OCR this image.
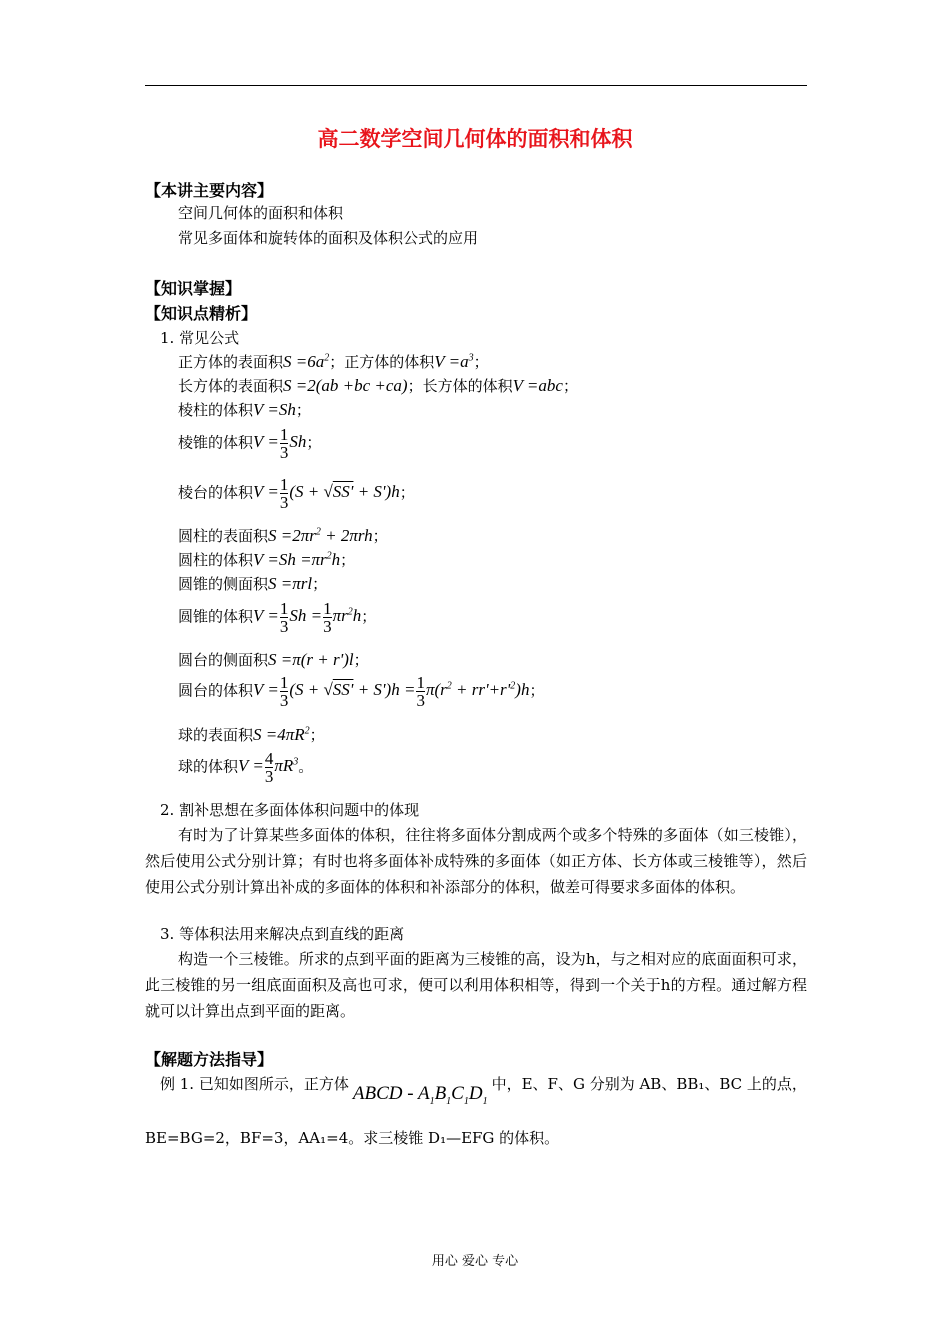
高二数学空间几何体的面积和体积
【本讲主要内容】
空间几何体的面积和体积
常见多面体和旋转体的面积及体积公式的应用
【知识掌握】
【知识点精析】
1. 常见公式
正方体的表面积$S =6a^2$；正方体的体积$V =a^3$；
长方体的表面积S =2(ab +bc +ca)；长方体的体积V =abc；
棱柱的体积V =Sh；
棱锥的体积$V = \frac{1}{3}$ Sh；
棱台的体积$V = \frac{1}{3} (S + √SS' + S')h$；
圆柱的表面积$S =2\pi r^2 + 2\pi rh$；
圆柱的体积$V =Sh =\pi r^2h$；
圆锥的侧面积S =πrl；
圆锥的体积$V = \frac{1}{3}$ $Sh = \frac{1}{3} \pi r^2h$；
圆台的侧面积S =π(r + r')l；
圆台的体积$V = \frac{1}{3} (S + √SS' + S')h = \frac{1}{3} \pi(r^2 + rr'+r'^2)h$；
球的表面积$S =4\pi R^2$；
球的体积$V = \frac{4}{3} \pi R^3$。
2. 割补思想在多面体体积问题中的体现
有时为了计算某些多面体的体积，往往将多面体分割成两个或多个特殊的多面体（如三棱锥），然后使用公式分别计算；有时也将多面体补成特殊的多面体（如正方体、长方体或三棱锥等），然后使用公式分别计算出补成的多面体的体积和补添部分的体积，做差可得要求多面体的体积。
3. 等体积法用来解决点到直线的距离
构造一个三棱锥。所求的点到平面的距离为三棱锥的高，设为h，与之相对应的底面面积可求，此三棱锥的另一组底面面积及高也可求，便可以利用体积相等，得到一个关于h的方程。通过解方程就可以计算出点到平面的距离。
【解题方法指导】
例 1. 已知如图所示，正方体 ABCD - $A_1B_1C_1D_1$中，E、F、G 分别为 AB、BB₁、BC 上的点，
BE=BG=2，BF=3，AA₁=4。求三棱锥 D₁—EFG 的体积。
用心 爱心 专心
